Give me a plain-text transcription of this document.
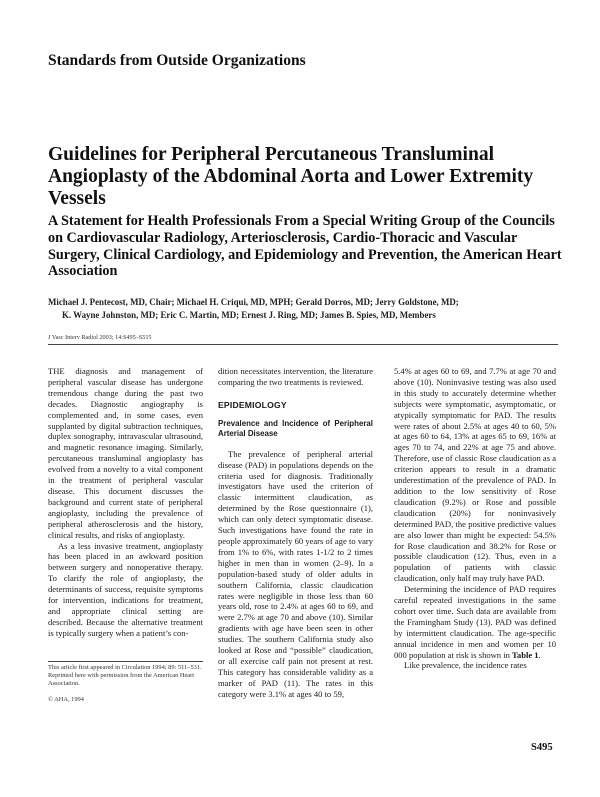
Standards from Outside Organizations
Guidelines for Peripheral Percutaneous Transluminal Angioplasty of the Abdominal Aorta and Lower Extremity Vessels
A Statement for Health Professionals From a Special Writing Group of the Councils on Cardiovascular Radiology, Arteriosclerosis, Cardio-Thoracic and Vascular Surgery, Clinical Cardiology, and Epidemiology and Prevention, the American Heart Association
Michael J. Pentecost, MD, Chair; Michael H. Criqui, MD, MPH; Gerald Dorros, MD; Jerry Goldstone, MD;
K. Wayne Johnston, MD; Eric C. Martin, MD; Ernest J. Ring, MD; James B. Spies, MD, Members
J Vasc Interv Radiol 2003; 14:S495–S515

THE diagnosis and management of peripheral vascular disease has undergone tremendous change during the past two decades. Diagnostic angiography is complemented and, in some cases, even supplanted by digital subtraction techniques, duplex sonography, intravascular ultrasound, and magnetic resonance imaging. Similarly, percutaneous transluminal angioplasty has evolved from a novelty to a vital component in the treatment of peripheral vascular disease. This document discusses the background and current state of peripheral angioplasty, including the prevalence of peripheral atherosclerosis and the history, clinical results, and risks of angioplasty.

As a less invasive treatment, angioplasty has been placed in an awkward position between surgery and nonoperative therapy. To clarify the role of angioplasty, the determinants of success, requisite symptoms for intervention, indications for treatment, and appropriate clinical setting are described. Because the alternative treatment is typically surgery when a patient’s con-

dition necessitates intervention, the literature comparing the two treatments is reviewed.
EPIDEMIOLOGY
Prevalence and Incidence of Peripheral Arterial Disease

The prevalence of peripheral arterial disease (PAD) in populations depends on the criteria used for diagnosis. Traditionally investigators have used the criterion of classic intermittent claudication, as determined by the Rose questionnaire (1), which can only detect symptomatic disease. Such investigations have found the rate in people approximately 60 years of age to vary from 1% to 6%, with rates 1-1/2 to 2 times higher in men than in women (2–9). In a population-based study of older adults in southern California, classic claudication rates were negligible in those less than 60 years old, rose to 2.4% at ages 60 to 69, and were 2.7% at age 70 and above (10). Similar gradients with age have been seen in other studies. The southern California study also looked at Rose and “possible” claudication, or all exercise calf pain not present at rest. This category has considerable validity as a marker of PAD (11). The rates in this category were 3.1% at ages 40 to 59,

5.4% at ages 60 to 69, and 7.7% at age 70 and above (10). Noninvasive testing was also used in this study to accurately determine whether subjects were symptomatic, asymptomatic, or atypically symptomatic for PAD. The results were rates of about 2.5% at ages 40 to 60, 5% at ages 60 to 64, 13% at ages 65 to 69, 16% at ages 70 to 74, and 22% at age 75 and above. Therefore, use of classic Rose claudication as a criterion appears to result in a dramatic underestimation of the prevalence of PAD. In addition to the low sensitivity of Rose claudication (9.2%) or Rose and possible claudication (20%) for noninvasively determined PAD, the positive predictive values are also lower than might be expected: 54.5% for Rose claudication and 38.2% for Rose or possible claudication (12). Thus, even in a population of patients with classic claudication, only half may truly have PAD.

Determining the incidence of PAD requires careful repeated investigations in the same cohort over time. Such data are available from the Framingham Study (13). PAD was defined by intermittent claudication. The age-specific annual incidence in men and women per 10 000 population at risk is shown in Table 1.

Like prevalence, the incidence rates

This article first appeared in Circulation 1994; 89: 511–531. Reprinted here with permission from the American Heart Association.
© AHA, 1994
S495
